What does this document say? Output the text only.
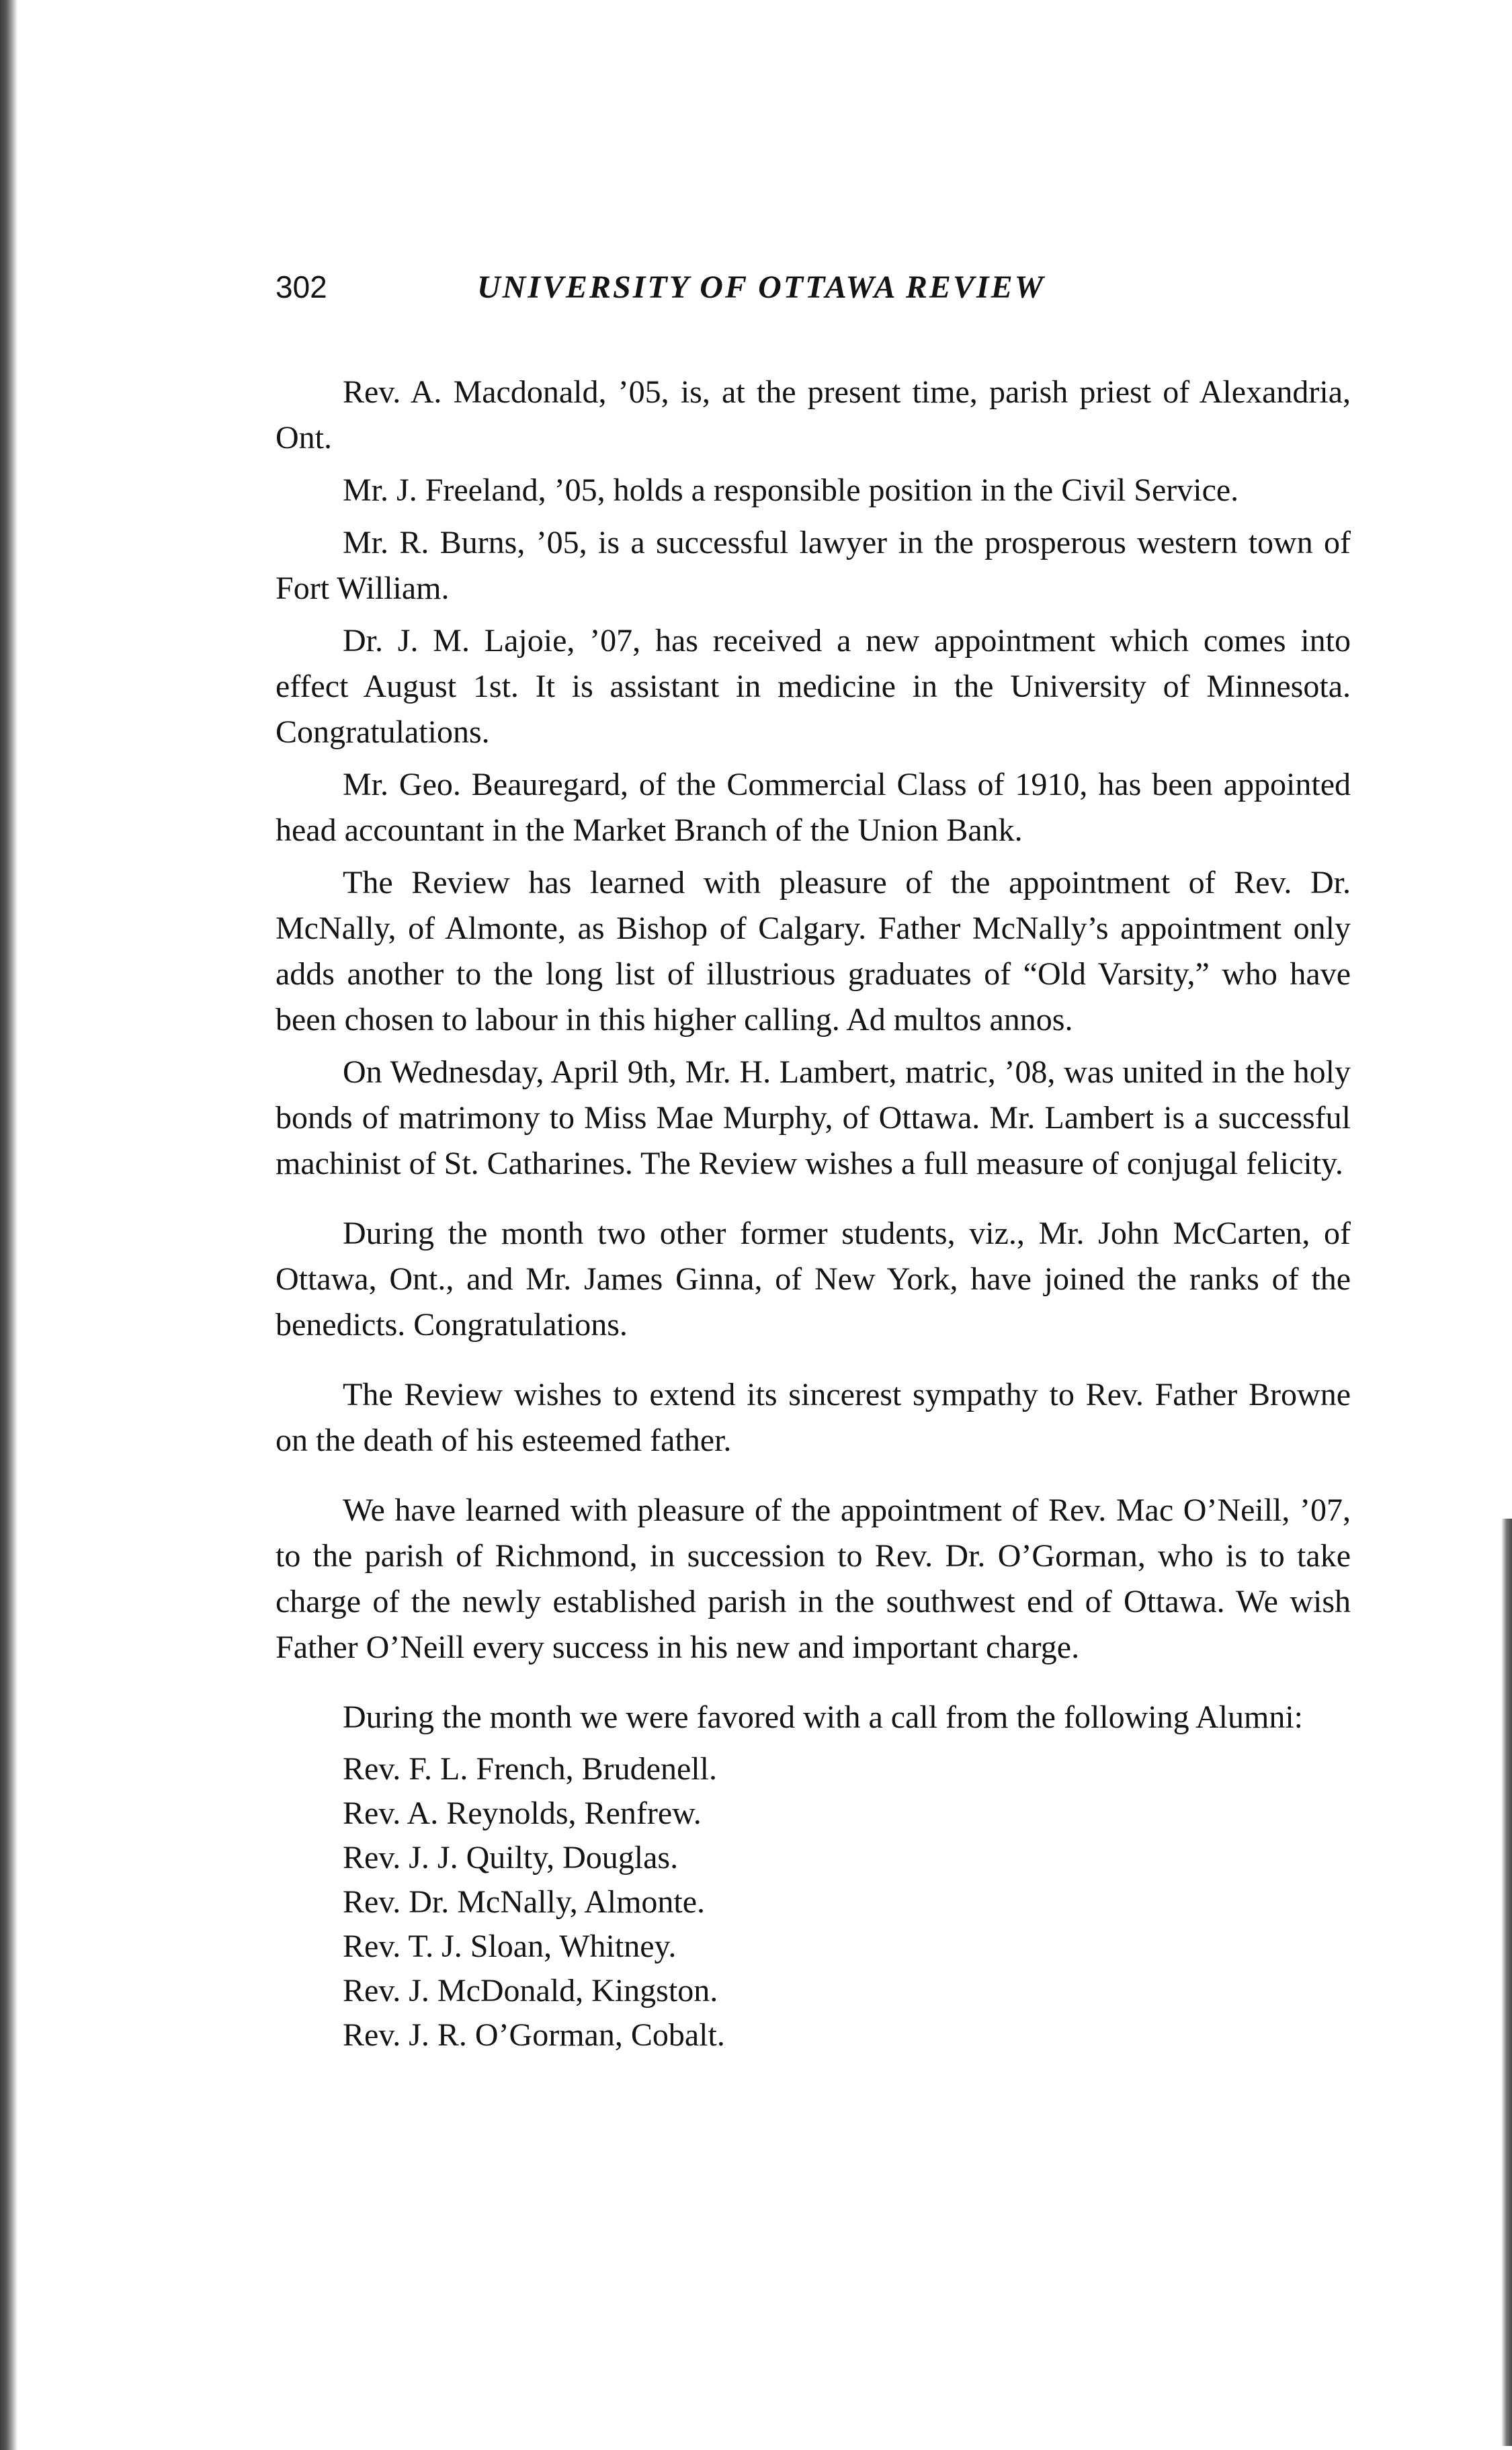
302	UNIVERSITY OF OTTAWA REVIEW

Rev. A. Macdonald, ’05, is, at the present time, parish priest of Alexandria, Ont.

Mr. J. Freeland, ’05, holds a responsible position in the Civil Service.

Mr. R. Burns, ’05, is a successful lawyer in the prosperous western town of Fort William.

Dr. J. M. Lajoie, ’07, has received a new appointment which comes into effect August 1st. It is assistant in medicine in the University of Minnesota. Congratulations.

Mr. Geo. Beauregard, of the Commercial Class of 1910, has been appointed head accountant in the Market Branch of the Union Bank.

The Review has learned with pleasure of the appointment of Rev. Dr. McNally, of Almonte, as Bishop of Calgary. Father McNally’s appointment only adds another to the long list of illustrious graduates of “Old Varsity,” who have been chosen to labour in this higher calling. Ad multos annos.

On Wednesday, April 9th, Mr. H. Lambert, matric, ’08, was united in the holy bonds of matrimony to Miss Mae Murphy, of Ottawa. Mr. Lambert is a successful machinist of St. Catharines. The Review wishes a full measure of conjugal felicity.

During the month two other former students, viz., Mr. John McCarten, of Ottawa, Ont., and Mr. James Ginna, of New York, have joined the ranks of the benedicts. Congratulations.

The Review wishes to extend its sincerest sympathy to Rev. Father Browne on the death of his esteemed father.

We have learned with pleasure of the appointment of Rev. Mac O’Neill, ’07, to the parish of Richmond, in succession to Rev. Dr. O’Gorman, who is to take charge of the newly established parish in the southwest end of Ottawa. We wish Father O’Neill every success in his new and important charge.

During the month we were favored with a call from the following Alumni:

Rev. F. L. French, Brudenell.
Rev. A. Reynolds, Renfrew.
Rev. J. J. Quilty, Douglas.
Rev. Dr. McNally, Almonte.
Rev. T. J. Sloan, Whitney.
Rev. J. McDonald, Kingston.
Rev. J. R. O’Gorman, Cobalt.
